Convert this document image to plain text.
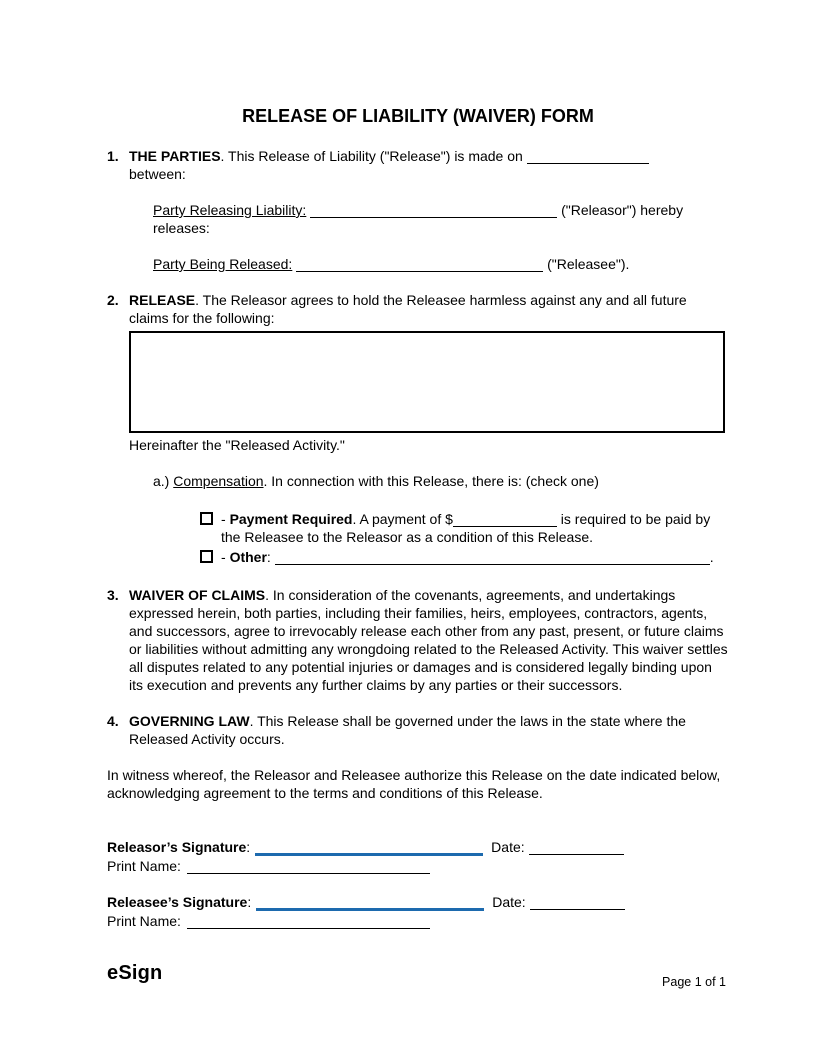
RELEASE OF LIABILITY (WAIVER) FORM
1. THE PARTIES. This Release of Liability ("Release") is made on
between:
Party Releasing Liability:	("Releasor") hereby
releases:
Party Being Released:	("Releasee").
2. RELEASE. The Releasor agrees to hold the Releasee harmless against any and all future claims for the following:
Hereinafter the "Released Activity."
a.) Compensation. In connection with this Release, there is: (check one)
- Payment Required. A payment of $	is required to be paid by the Releasee to the Releasor as a condition of this Release.
- Other:	.
3. WAIVER OF CLAIMS. In consideration of the covenants, agreements, and undertakings expressed herein, both parties, including their families, heirs, employees, contractors, agents, and successors, agree to irrevocably release each other from any past, present, or future claims or liabilities without admitting any wrongdoing related to the Released Activity. This waiver settles all disputes related to any potential injuries or damages and is considered legally binding upon its execution and prevents any further claims by any parties or their successors.
4. GOVERNING LAW. This Release shall be governed under the laws in the state where the Released Activity occurs.
In witness whereof, the Releasor and Releasee authorize this Release on the date indicated below, acknowledging agreement to the terms and conditions of this Release.
Releasor’s Signature:	Date:
Print Name:
Releasee’s Signature:	Date:
Print Name:
eSign	Page 1 of 1
